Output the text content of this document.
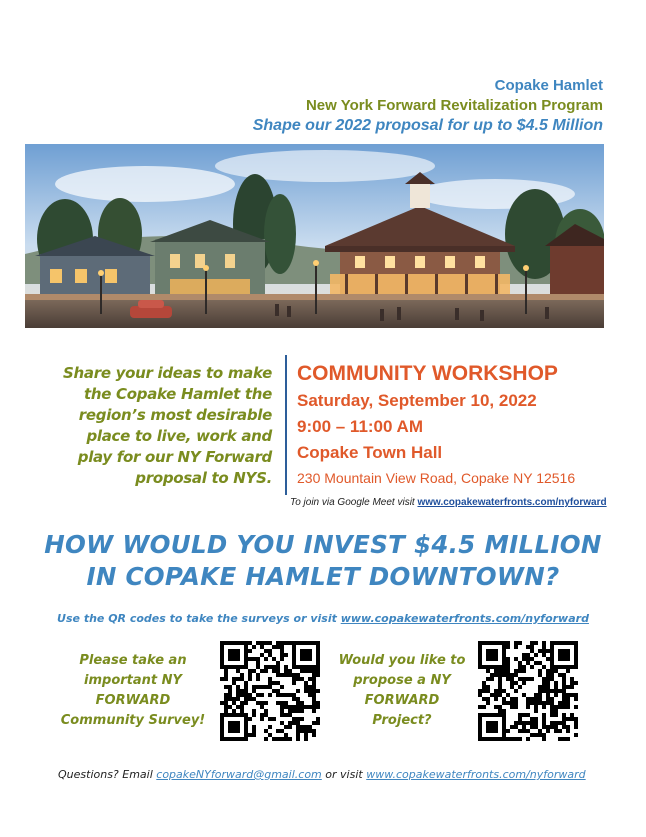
Copake Hamlet
New York Forward Revitalization Program
Shape our 2022 proposal for up to $4.5 Million
Share your ideas to make
the Copake Hamlet the
region’s most desirable
place to live, work and
play for our NY Forward
proposal to NYS.
COMMUNITY WORKSHOP
Saturday, September 10, 2022
9:00 – 11:00 AM
Copake Town Hall
230 Mountain View Road, Copake NY 12516
To join via Google Meet visit www.copakewaterfronts.com/nyforward
HOW WOULD YOU INVEST $4.5 MILLION
IN COPAKE HAMLET DOWNTOWN?
Use the QR codes to take the surveys or visit www.copakewaterfronts.com/nyforward
Please take an
important NY
FORWARD
Community Survey!
Would you like to
propose a NY
FORWARD
Project?
Questions? Email copakeNYforward@gmail.com or visit www.copakewaterfronts.com/nyforward
